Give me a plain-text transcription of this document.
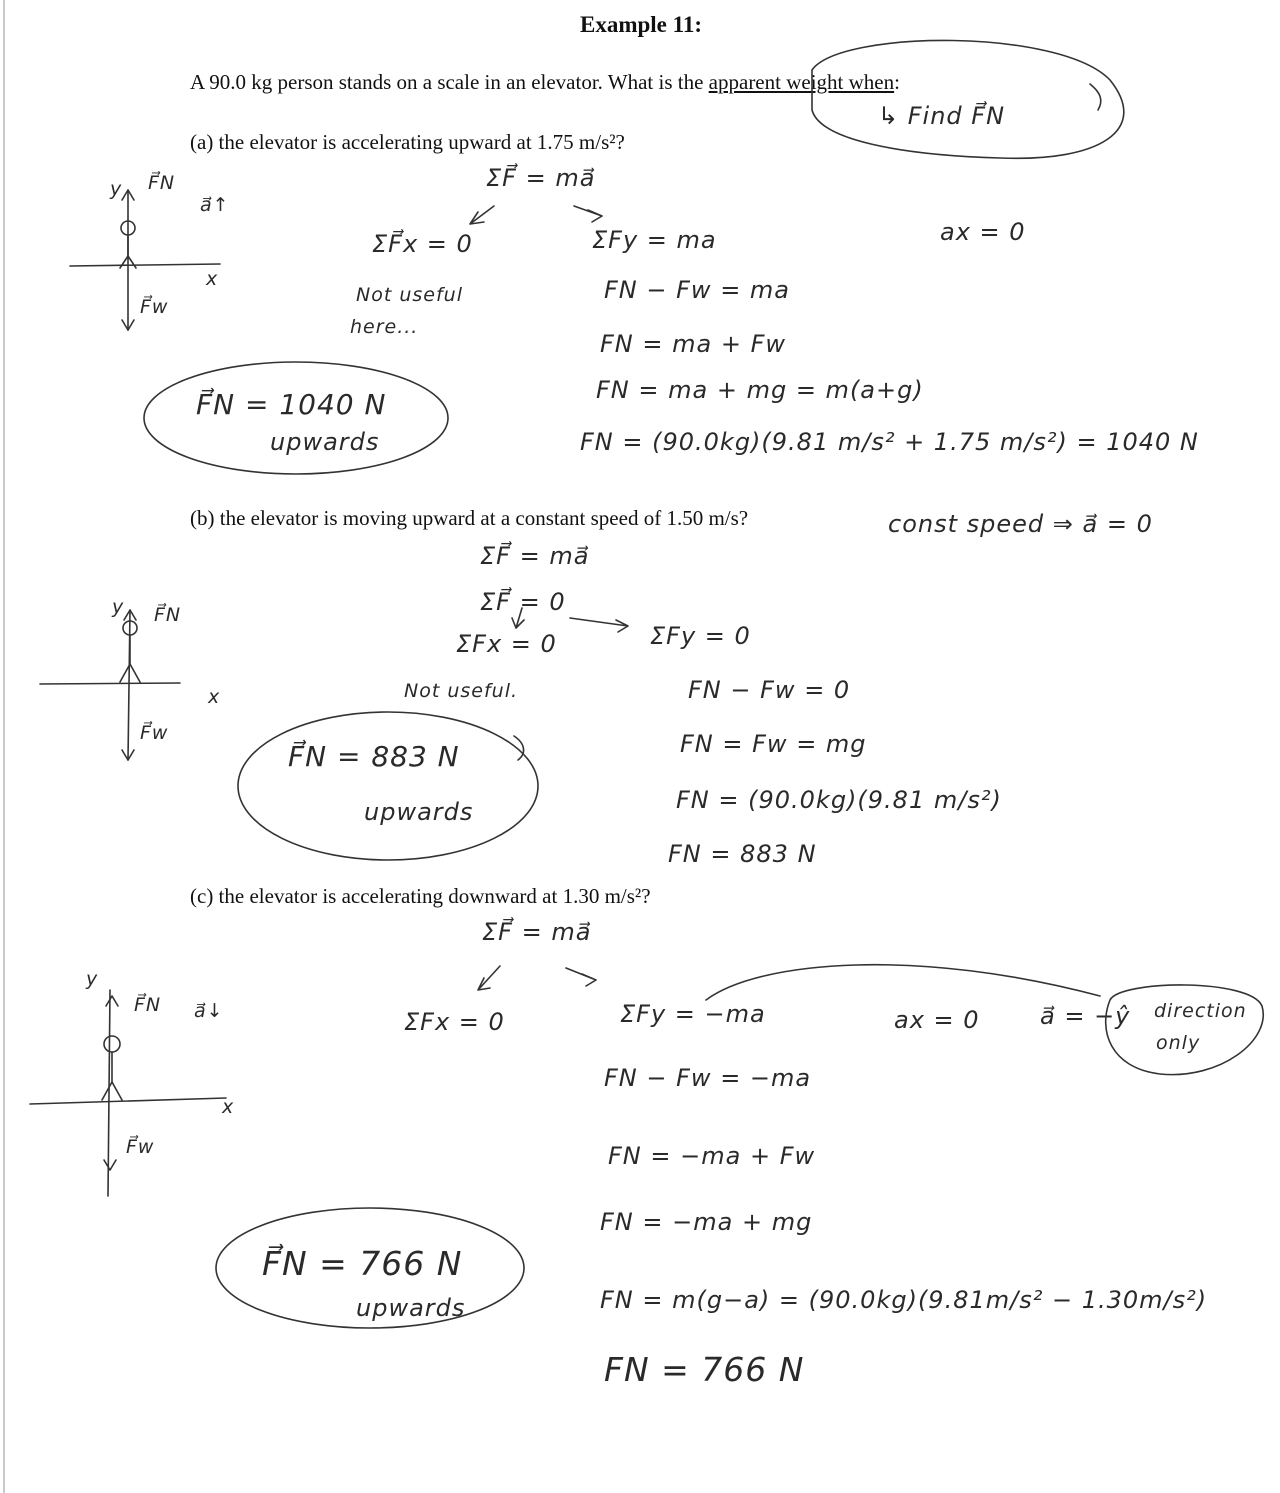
Example 11:
A 90.0 kg person stands on a scale in an elevator. What is the apparent weight when:
↳ Find F⃗N
(a) the elevator is accelerating upward at 1.75 m/s²?
ΣF⃗ = ma⃗
y F⃗N
a⃗↑
x
F⃗w
ΣF⃗x = 0
Not useful
here...
ax = 0
ΣFy = ma
FN − Fw = ma
FN = ma + Fw
FN = ma + mg = m(a+g)
FN = (90.0kg)(9.81 m/s² + 1.75 m/s²) = 1040 N
F⃗N = 1040 N
upwards
(b) the elevator is moving upward at a constant speed of 1.50 m/s?	const speed ⇒ a⃗ = 0
ΣF⃗ = ma⃗
ΣF⃗ = 0
ΣFx = 0	ΣFy = 0
y F⃗N
x
F⃗w
Not useful.	FN − Fw = 0
FN = Fw = mg
FN = (90.0kg)(9.81 m/s²)
FN = 883 N
F⃗N = 883 N
upwards
(c) the elevator is accelerating downward at 1.30 m/s²?
ΣF⃗ = ma⃗
y
F⃗N a⃗↓
x
F⃗w
ΣFx = 0	ax = 0	a⃗ = −ŷ direction
only
ΣFy = −ma
FN − Fw = −ma
FN = −ma + Fw
FN = −ma + mg
FN = m(g−a) = (90.0kg)(9.81m/s² − 1.30m/s²)
FN = 766 N
F⃗N = 766 N
upwards
